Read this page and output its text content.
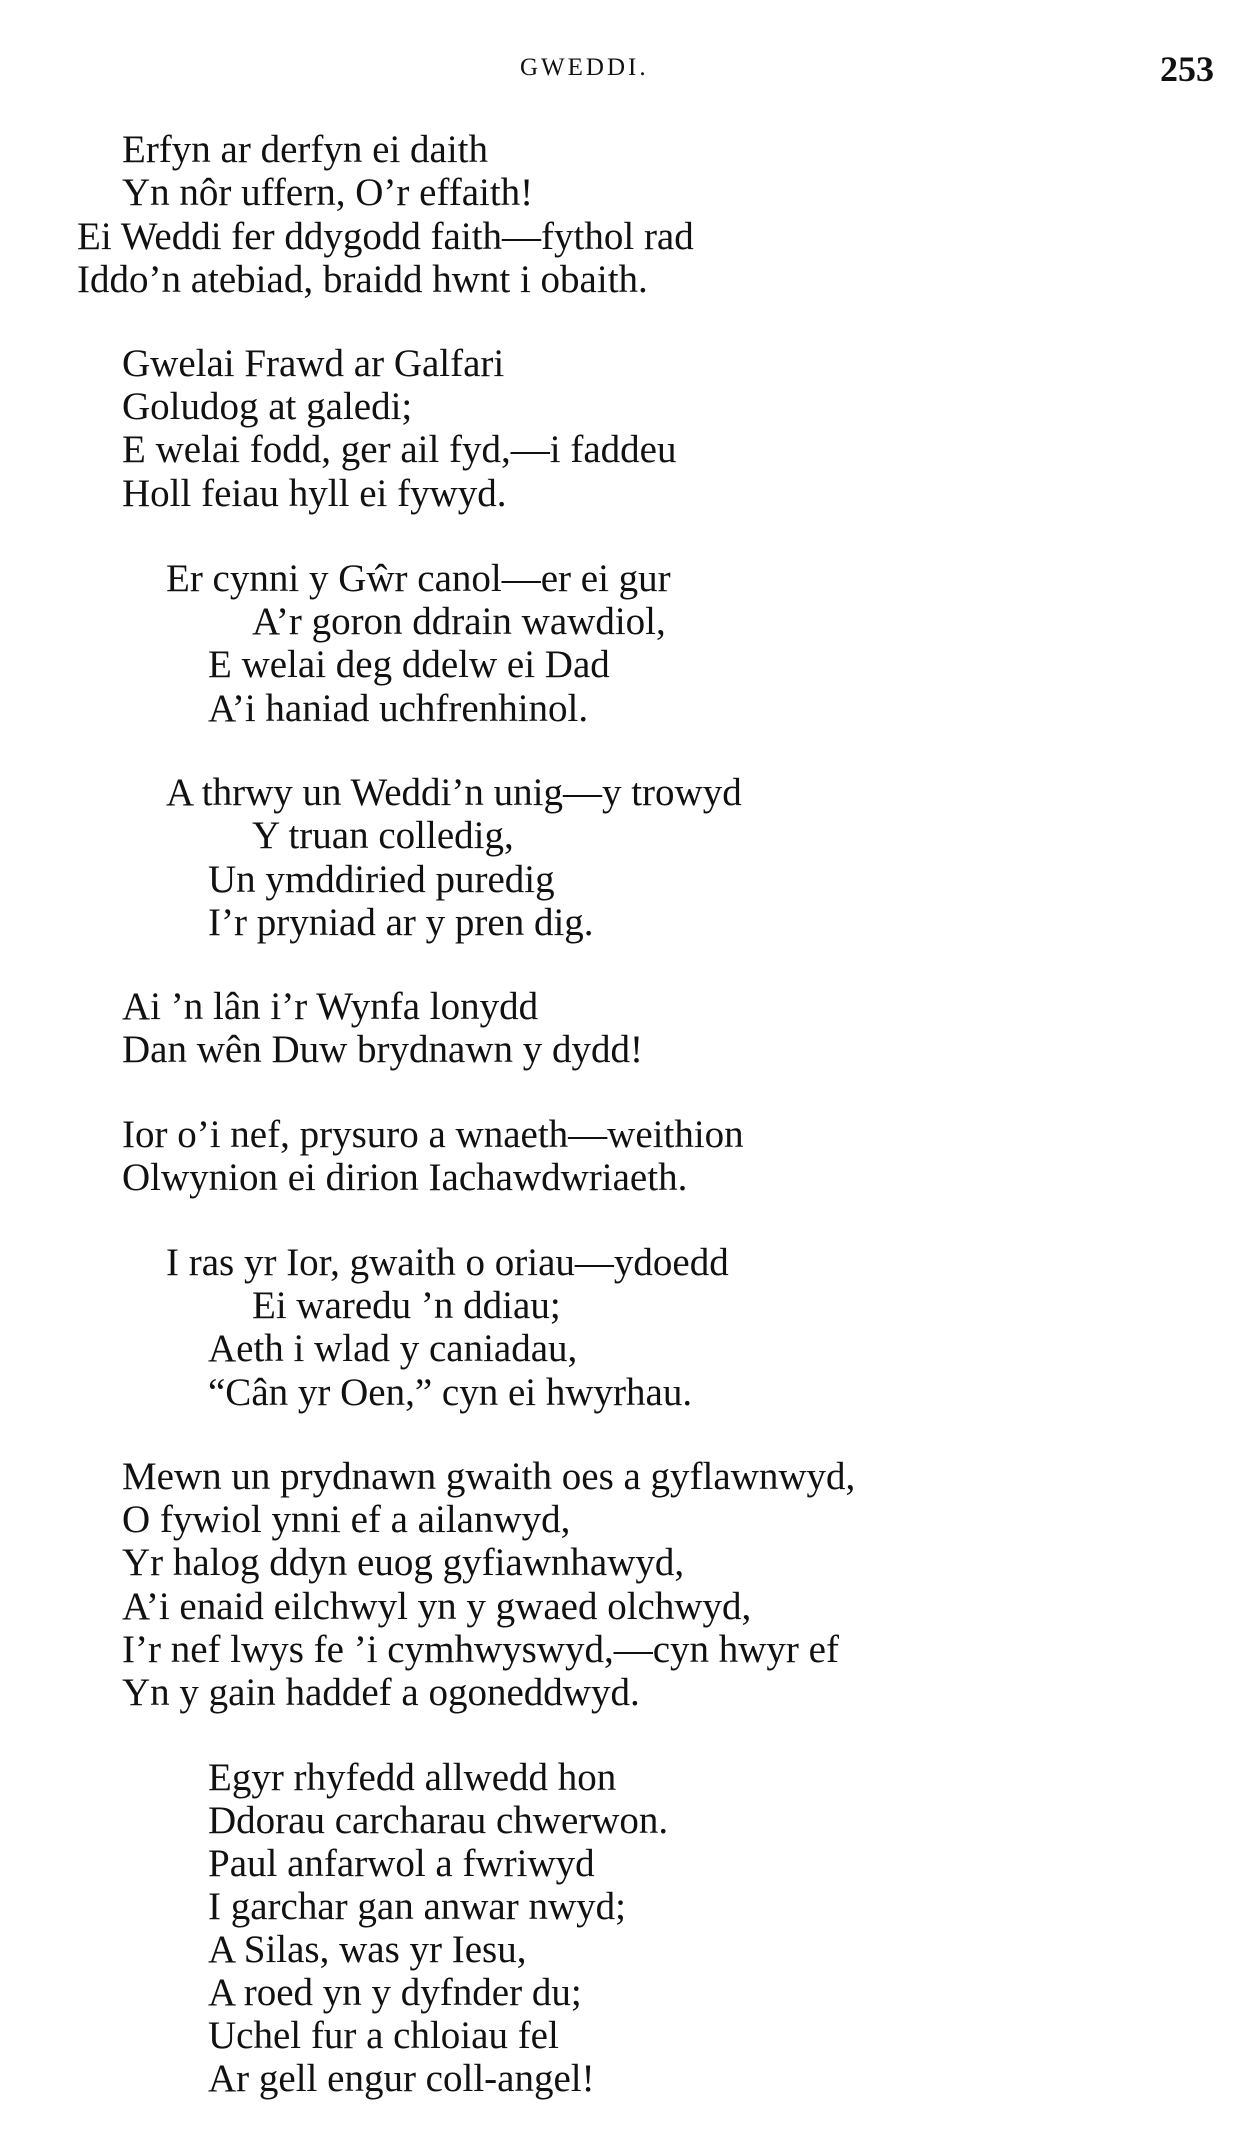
GWEDDI.	253
Erfyn ar derfyn ei daith
Yn nôr uffern, O’r effaith!
Ei Weddi fer ddygodd faith—fythol rad
Iddo’n atebiad, braidd hwnt i obaith.
Gwelai Frawd ar Galfari
Goludog at galedi;
E welai fodd, ger ail fyd,—i faddeu
Holl feiau hyll ei fywyd.
Er cynni y Gŵr canol—er ei gur
A’r goron ddrain wawdiol,
E welai deg ddelw ei Dad
A’i haniad uchfrenhinol.
A thrwy un Weddi’n unig—y trowyd
Y truan colledig,
Un ymddiried puredig
I’r pryniad ar y pren dig.
Ai ’n lân i’r Wynfa lonydd
Dan wên Duw brydnawn y dydd!
Ior o’i nef, prysuro a wnaeth—weithion
Olwynion ei dirion Iachawdwriaeth.
I ras yr Ior, gwaith o oriau—ydoedd
Ei waredu ’n ddiau;
Aeth i wlad y caniadau,
“Cân yr Oen,” cyn ei hwyrhau.
Mewn un prydnawn gwaith oes a gyflawnwyd,
O fywiol ynni ef a ailanwyd,
Yr halog ddyn euog gyfiawnhawyd,
A’i enaid eilchwyl yn y gwaed olchwyd,
I’r nef lwys fe ’i cymhwyswyd,—cyn hwyr ef
Yn y gain haddef a ogoneddwyd.
Egyr rhyfedd allwedd hon
Ddorau carcharau chwerwon.
Paul anfarwol a fwriwyd
I garchar gan anwar nwyd;
A Silas, was yr Iesu,
A roed yn y dyfnder du;
Uchel fur a chloiau fel
Ar gell engur coll-angel!
